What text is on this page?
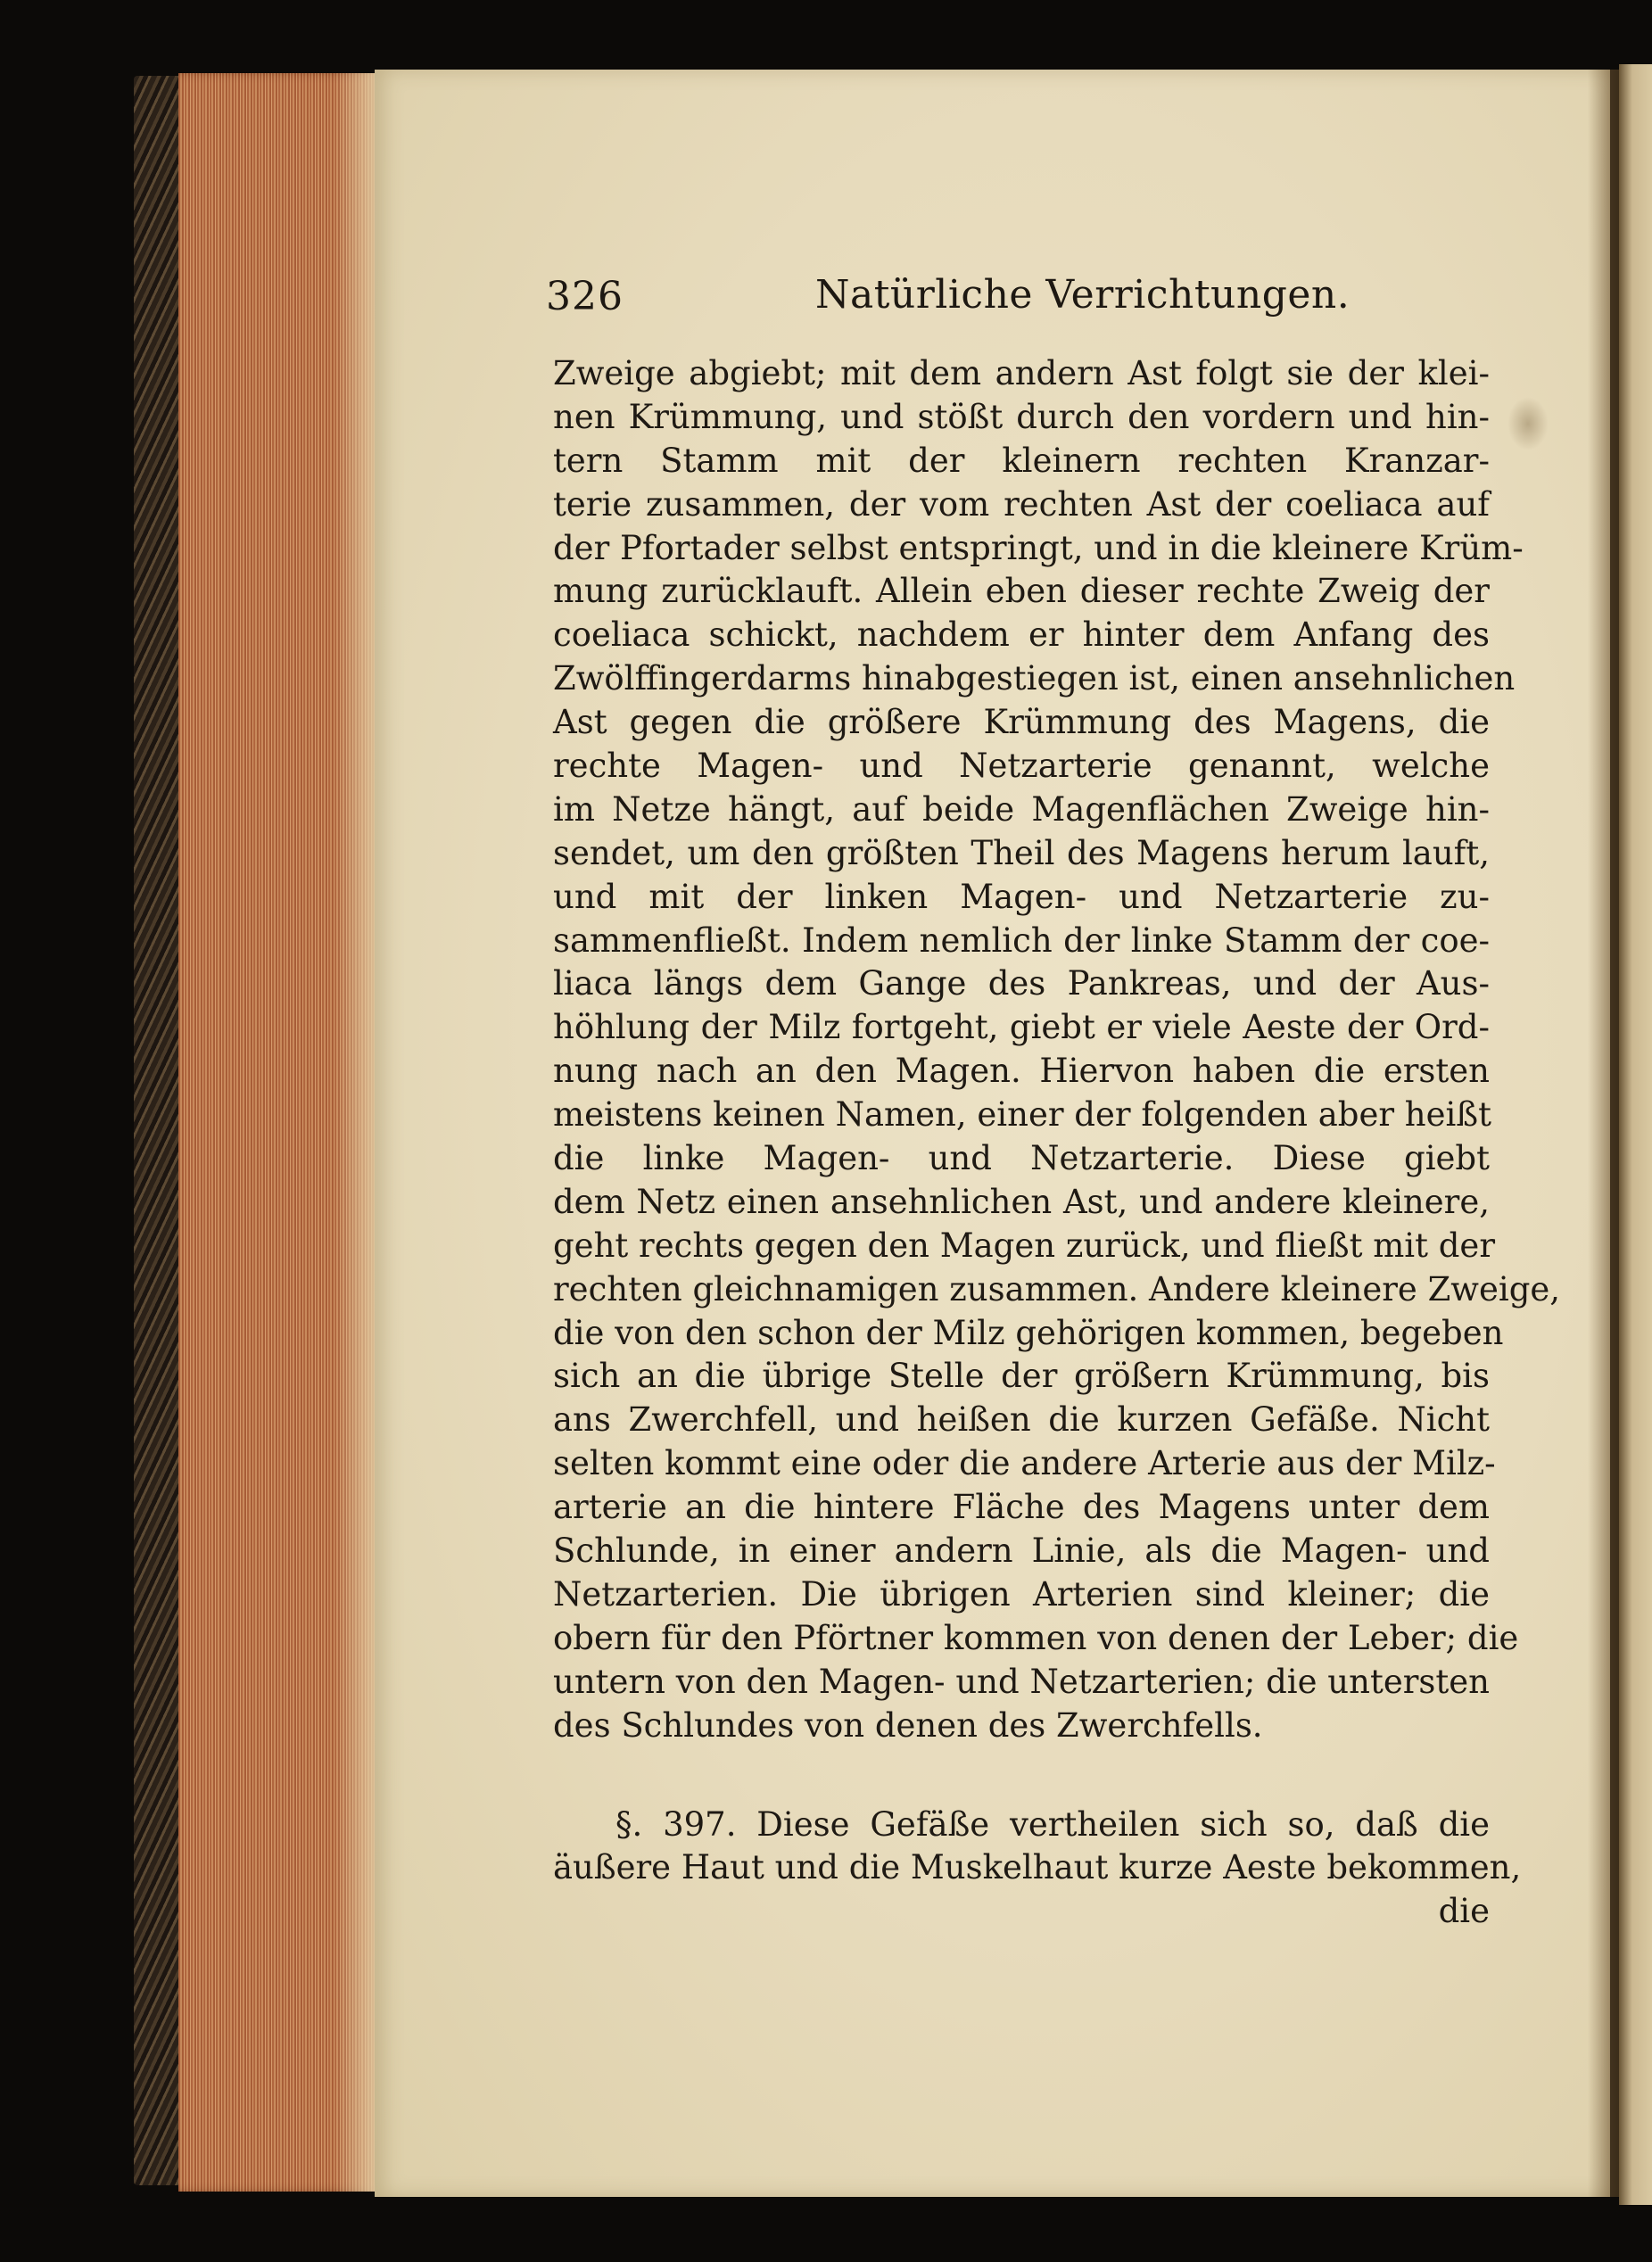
326	Natürliche Verrichtungen.
Zweige abgiebt; mit dem andern Ast folgt sie der klei-
nen Krümmung, und stößt durch den vordern und hin-
tern Stamm mit der kleinern rechten Kranzar-
terie zusammen, der vom rechten Ast der coeliaca auf
der Pfortader selbst entspringt, und in die kleinere Krüm-
mung zurücklauft. Allein eben dieser rechte Zweig der
coeliaca schickt, nachdem er hinter dem Anfang des
Zwölffingerdarms hinabgestiegen ist, einen ansehnlichen
Ast gegen die größere Krümmung des Magens, die
rechte Magen- und Netzarterie genannt, welche
im Netze hängt, auf beide Magenflächen Zweige hin-
sendet, um den größten Theil des Magens herum lauft,
und mit der linken Magen- und Netzarterie zu-
sammenfließt. Indem nemlich der linke Stamm der coe-
liaca längs dem Gange des Pankreas, und der Aus-
höhlung der Milz fortgeht, giebt er viele Aeste der Ord-
nung nach an den Magen. Hiervon haben die ersten
meistens keinen Namen, einer der folgenden aber heißt
die linke Magen- und Netzarterie. Diese giebt
dem Netz einen ansehnlichen Ast, und andere kleinere,
geht rechts gegen den Magen zurück, und fließt mit der
rechten gleichnamigen zusammen. Andere kleinere Zweige,
die von den schon der Milz gehörigen kommen, begeben
sich an die übrige Stelle der größern Krümmung, bis
ans Zwerchfell, und heißen die kurzen Gefäße. Nicht
selten kommt eine oder die andere Arterie aus der Milz-
arterie an die hintere Fläche des Magens unter dem
Schlunde, in einer andern Linie, als die Magen- und
Netzarterien. Die übrigen Arterien sind kleiner; die
obern für den Pförtner kommen von denen der Leber; die
untern von den Magen- und Netzarterien; die untersten
des Schlundes von denen des Zwerchfells.
§. 397. Diese Gefäße vertheilen sich so, daß die
äußere Haut und die Muskelhaut kurze Aeste bekommen,
die
